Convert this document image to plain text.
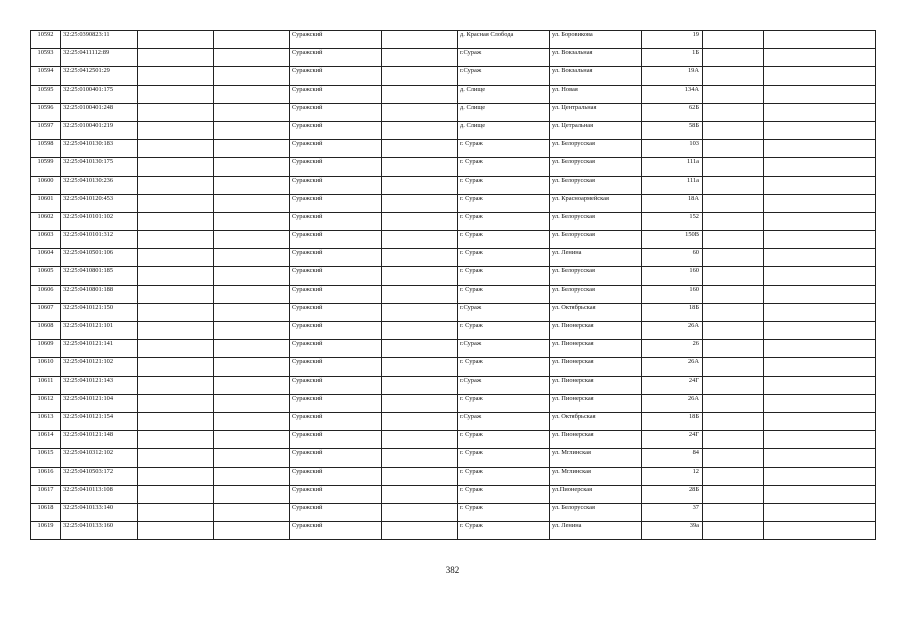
10592	32:25:0390823:11			Суражский		д. Красная Слобода	ул. Боровикова	19		
10593	32:25:0411112:89			Суражский		г.Сураж	ул. Вокзальная	1Б		
10594	32:25:0412501:29			Суражский		г.Сураж	ул. Вокзальная	19А		
10595	32:25:0100401:175			Суражский		д. Слище	ул. Новая	134А		
10596	32:25:0100401:248			Суражский		д. Слище	ул. Центральная	62Б		
10597	32:25:0100401:219			Суражский		д. Слище	ул. Цетральная	58Б		
10598	32:25:0410130:183			Суражский		г. Сураж	ул. Белорусская	103		
10599	32:25:0410130:175			Суражский		г. Сураж	ул. Белорусская	111а		
10600	32:25:0410130:236			Суражский		г. Сураж	ул. Белорусская	111а		
10601	32:25:0410120:453			Суражский		г. Сураж	ул. Красноармейская	18А		
10602	32:25:0410101:102			Суражский		г. Сураж	ул. Белорусская	152		
10603	32:25:0410101:312			Суражский		г. Сураж	ул. Белорусская	150В		
10604	32:25:0410501:106			Суражский		г. Сураж	ул. Ленина	60		
10605	32:25:0410801:185			Суражский		г. Сураж	ул. Белорусская	160		
10606	32:25:0410801:188			Суражский		г. Сураж	ул. Белорусская	160		
10607	32:25:0410121:150			Суражский		г.Сураж	ул. Октябрьская	18Б		
10608	32:25:0410121:101			Суражский		г. Сураж	ул. Пионерская	26А		
10609	32:25:0410121:141			Суражский		г.Сураж	ул. Пионерская	26		
10610	32:25:0410121:102			Суражский		г. Сураж	ул. Пионерская	26А		
10611	32:25:0410121:143			Суражский		г.Сураж	ул. Пионерская	24Г		
10612	32:25:0410121:104			Суражский		г. Сураж	ул. Пионерская	26А		
10613	32:25:0410121:154			Суражский		г.Сураж	ул. Октябрьская	18Б		
10614	32:25:0410121:148			Суражский		г. Сураж	ул. Пионерская	24Г		
10615	32:25:0410312:102			Суражский		г. Сураж	ул. Мглинская	84		
10616	32:25:0410503:172			Суражский		г. Сураж	ул. Мглинская	12		
10617	32:25:0410113:108			Суражский		г. Сураж	ул.Пионерская	28Б		
10618	32:25:0410133:140			Суражский		г. Сураж	ул. Белорусская	37		
10619	32:25:0410133:160			Суражский		г. Сураж	ул. Ленина	39а		
382
